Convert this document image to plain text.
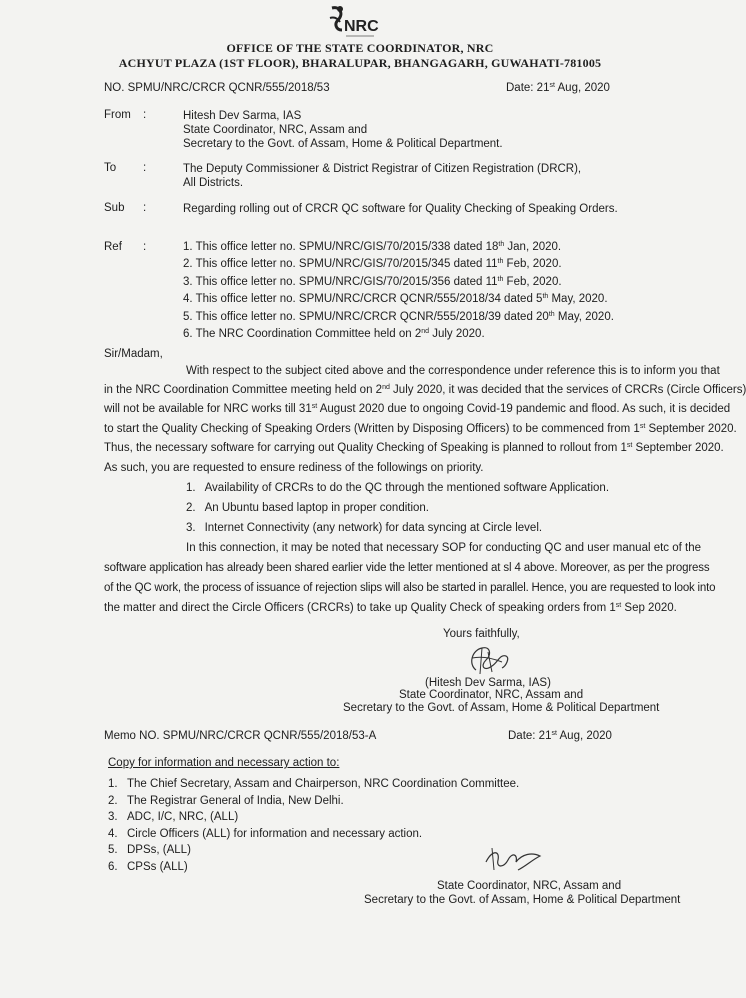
NRC
OFFICE OF THE STATE COORDINATOR, NRC
ACHYUT PLAZA (1ST FLOOR), BHARALUPAR, BHANGAGARH, GUWAHATI-781005
NO. SPMU/NRC/CRCR QCNR/555/2018/53	Date: 21st Aug, 2020
From :	Hitesh Dev Sarma, IAS
State Coordinator, NRC, Assam and
Secretary to the Govt. of Assam, Home & Political Department.
To :	The Deputy Commissioner & District Registrar of Citizen Registration (DRCR),
All Districts.
Sub :	Regarding rolling out of CRCR QC software for Quality Checking of Speaking Orders.
Ref :	1. This office letter no. SPMU/NRC/GIS/70/2015/338 dated 18th Jan, 2020.
2. This office letter no. SPMU/NRC/GIS/70/2015/345 dated 11th Feb, 2020.
3. This office letter no. SPMU/NRC/GIS/70/2015/356 dated 11th Feb, 2020.
4. This office letter no. SPMU/NRC/CRCR QCNR/555/2018/34 dated 5th May, 2020.
5. This office letter no. SPMU/NRC/CRCR QCNR/555/2018/39 dated 20th May, 2020.
6. The NRC Coordination Committee held on 2nd July 2020.
Sir/Madam,
With respect to the subject cited above and the correspondence under reference this is to inform you that
in the NRC Coordination Committee meeting held on 2nd July 2020, it was decided that the services of CRCRs (Circle Officers)
will not be available for NRC works till 31st August 2020 due to ongoing Covid-19 pandemic and flood. As such, it is decided
to start the Quality Checking of Speaking Orders (Written by Disposing Officers) to be commenced from 1st September 2020.
Thus, the necessary software for carrying out Quality Checking of Speaking is planned to rollout from 1st September 2020.
As such, you are requested to ensure rediness of the followings on priority.
1. Availability of CRCRs to do the QC through the mentioned software Application.
2. An Ubuntu based laptop in proper condition.
3. Internet Connectivity (any network) for data syncing at Circle level.
In this connection, it may be noted that necessary SOP for conducting QC and user manual etc of the
software application has already been shared earlier vide the letter mentioned at sl 4 above. Moreover, as per the progress
of the QC work, the process of issuance of rejection slips will also be started in parallel. Hence, you are requested to look into
the matter and direct the Circle Officers (CRCRs) to take up Quality Check of speaking orders from 1st Sep 2020.
Yours faithfully,
(Hitesh Dev Sarma, IAS)
State Coordinator, NRC, Assam and
Secretary to the Govt. of Assam, Home & Political Department
Memo NO. SPMU/NRC/CRCR QCNR/555/2018/53-A	Date: 21st Aug, 2020
Copy for information and necessary action to:
1. The Chief Secretary, Assam and Chairperson, NRC Coordination Committee.
2. The Registrar General of India, New Delhi.
3. ADC, I/C, NRC, (ALL)
4. Circle Officers (ALL) for information and necessary action.
5. DPSs, (ALL)
6. CPSs (ALL)
State Coordinator, NRC, Assam and
Secretary to the Govt. of Assam, Home & Political Department
